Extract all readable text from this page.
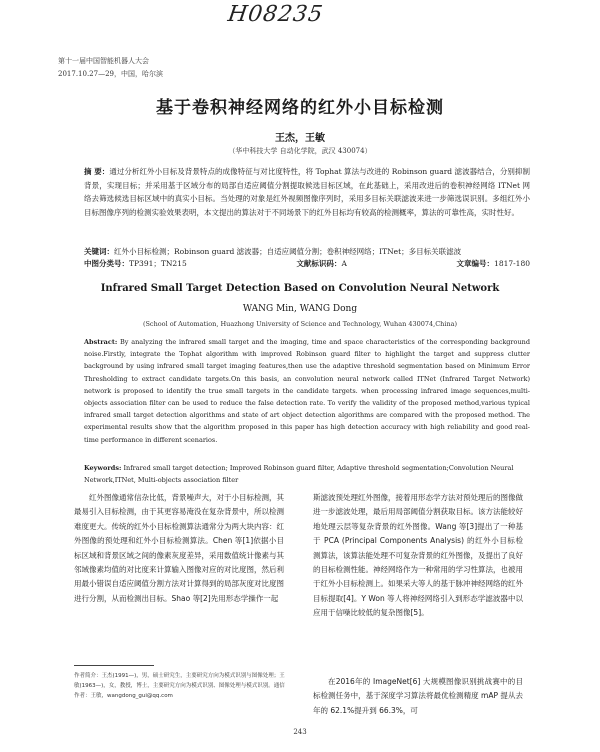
H08235
第十一届中国智能机器人大会
2017.10.27—29，中国，哈尔滨
基于卷积神经网络的红外小目标检测
王杰，王敏
（华中科技大学 自动化学院，武汉 430074）
摘 要：通过分析红外小目标及背景特点的成像特征与对比度特性，将 Tophat 算法与改进的 Robinson guard 滤波器结合，分别抑制背景，实现目标；并采用基于区域分布的局部自适应阈值分割提取候选目标区域，在此基础上，采用改进后的卷积神经网络 ITNet 网络去筛选候选目标区域中的真实小目标。当处理的对象是红外视频图像序列时，采用多目标关联滤波来进一步筛选误识别。多组红外小目标图像序列的检测实验效果表明，本文提出的算法对于不同场景下的红外目标均有较高的检测概率，算法的可靠性高，实时性好。
关键词：红外小目标检测；Robinson guard 滤波器；自适应阈值分割；卷积神经网络；ITNet；多目标关联滤波
中图分类号：TP391；TN215	文献标识码：A	文章编号：1817-180
Infrared Small Target Detection Based on Convolution Neural Network
WANG Min, WANG Dong
(School of Automation, Huazhong University of Science and Technology, Wuhan 430074,China)
Abstract: By analyzing the infrared small target and the imaging, time and space characteristics of the corresponding background noise.Firstly, integrate the Tophat algorithm with improved Robinson guard filter to highlight the target and suppress clutter background by using infrared small target imaging features,then use the adaptive threshold segmentation based on Minimum Error Thresholding to extract candidate targets.On this basis, an convolution neural network called ITNet (Infrared Target Network) network is proposed to identify the true small targets in the candidate targets. when processing infrared image sequences,multi-objects association filter can be used to reduce the false detection rate. To verify the validity of the proposed method,various typical infrared small target detection algorithms and state of art object detection algorithms are compared with the proposed method. The experimental results show that the algorithm proposed in this paper has high detection accuracy with high reliability and good real-time performance in different scenarios.
Keywords: Infrared small target detection; Improved Robinson guard filter, Adaptive threshold segmentation;Convolution Neural Network,ITNet, Multi-objects association filter

红外图像通常信杂比低，背景噪声大，对于小目标检测，其最易引入目标检测，由于其更容易淹没在复杂背景中，所以检测难度更大。传统的红外小目标检测算法通常分为两大块内容：红外图像的预处理和红外小目标检测算法。Chen 等[1]依据小目标区域和背景区域之间的像素灰度差异，采用数值统计像素与其邻域像素均值的对比度来计算输入图像对应的对比度图，然后利用最小错误自适应阈值分割方法对计算得到的局部灰度对比度图进行分割，从而检测出目标。Shao 等[2]先用形态学操作一起

作者简介：王杰(1991—)，男，硕士研究生，主要研究方向为模式识别与图像处理；王敏(1963—)，女，教授，博士，主要研究方向为模式识别、图像处理与模式识别。通信作者：王敏，wangdong_gui@qq.com

斯滤波预处理红外图像，接着用形态学方法对预处理后的图像做进一步滤波处理，最后用局部阈值分割获取目标。该方法能较好地处理云层等复杂背景的红外图像。Wang 等[3]提出了一种基于 PCA (Principal Components Analysis) 的红外小目标检测算法，该算法能处理不可复杂背景的红外图像，及提出了良好的目标检测性能。神经网络作为一种常用的学习性算法，也被用于红外小目标检测上。如果采大等人的基于脉冲神经网络的红外目标提取[4]。Y Won 等人将神经网络引入到形态学滤波器中以应用于信噪比较低的复杂图像[5]。

在2016年的 ImageNet[6] 大规模图像识别挑战赛中的目标检测任务中，基于深度学习算法将最优检测精度 mAP 提从去年的 62.1%提升到 66.3%，可

243
